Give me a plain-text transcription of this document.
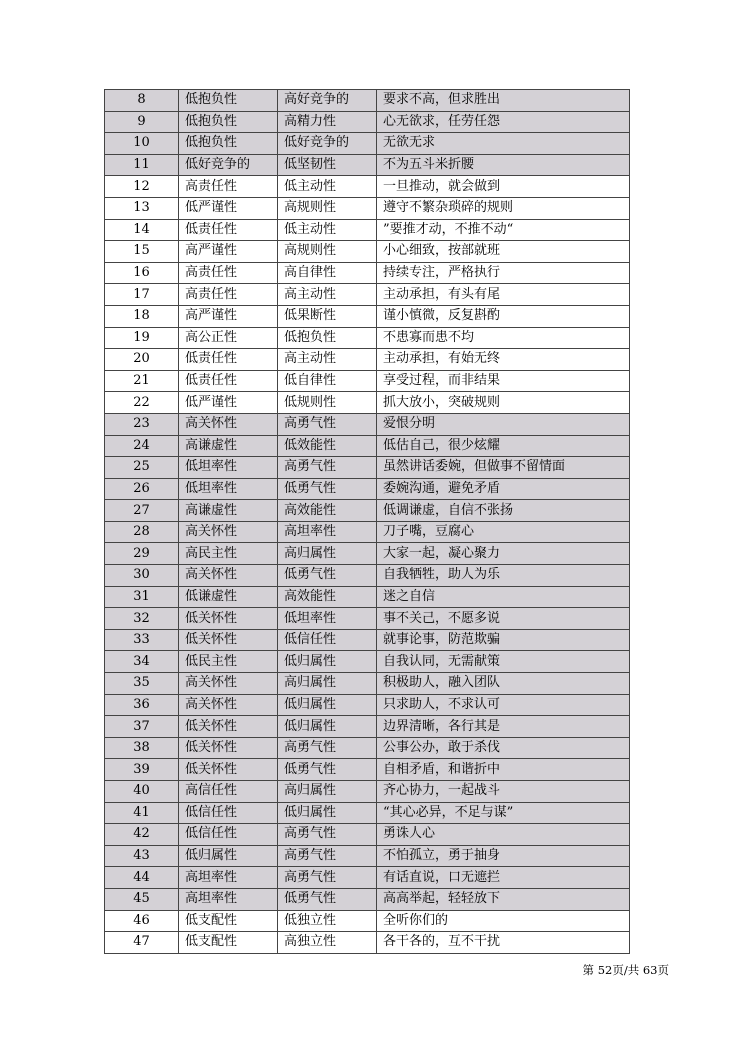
8	低抱负性	高好竞争的	要求不高，但求胜出
9	低抱负性	高精力性	心无欲求，任劳任怨
10	低抱负性	低好竞争的	无欲无求
11	低好竞争的	低坚韧性	不为五斗米折腰
12	高责任性	低主动性	一旦推动，就会做到
13	低严谨性	高规则性	遵守不繁杂琐碎的规则
14	低责任性	低主动性	”要推才动，不推不动“
15	高严谨性	高规则性	小心细致，按部就班
16	高责任性	高自律性	持续专注，严格执行
17	高责任性	高主动性	主动承担，有头有尾
18	高严谨性	低果断性	谨小慎微，反复斟酌
19	高公正性	低抱负性	不患寡而患不均
20	低责任性	高主动性	主动承担，有始无终
21	低责任性	低自律性	享受过程，而非结果
22	低严谨性	低规则性	抓大放小，突破规则
23	高关怀性	高勇气性	爱恨分明
24	高谦虚性	低效能性	低估自己，很少炫耀
25	低坦率性	高勇气性	虽然讲话委婉，但做事不留情面
26	低坦率性	低勇气性	委婉沟通，避免矛盾
27	高谦虚性	高效能性	低调谦虚，自信不张扬
28	高关怀性	高坦率性	刀子嘴，豆腐心
29	高民主性	高归属性	大家一起，凝心聚力
30	高关怀性	低勇气性	自我牺牲，助人为乐
31	低谦虚性	高效能性	迷之自信
32	低关怀性	低坦率性	事不关己，不愿多说
33	低关怀性	低信任性	就事论事，防范欺骗
34	低民主性	低归属性	自我认同，无需献策
35	高关怀性	高归属性	积极助人，融入团队
36	高关怀性	低归属性	只求助人，不求认可
37	低关怀性	低归属性	边界清晰，各行其是
38	低关怀性	高勇气性	公事公办，敢于杀伐
39	低关怀性	低勇气性	自相矛盾，和谐折中
40	高信任性	高归属性	齐心协力，一起战斗
41	低信任性	低归属性	“其心必异，不足与谋”
42	低信任性	高勇气性	勇诛人心
43	低归属性	高勇气性	不怕孤立，勇于抽身
44	高坦率性	高勇气性	有话直说，口无遮拦
45	高坦率性	低勇气性	高高举起，轻轻放下
46	低支配性	低独立性	全听你们的
47	低支配性	高独立性	各干各的，互不干扰
第 52页/共 63页
